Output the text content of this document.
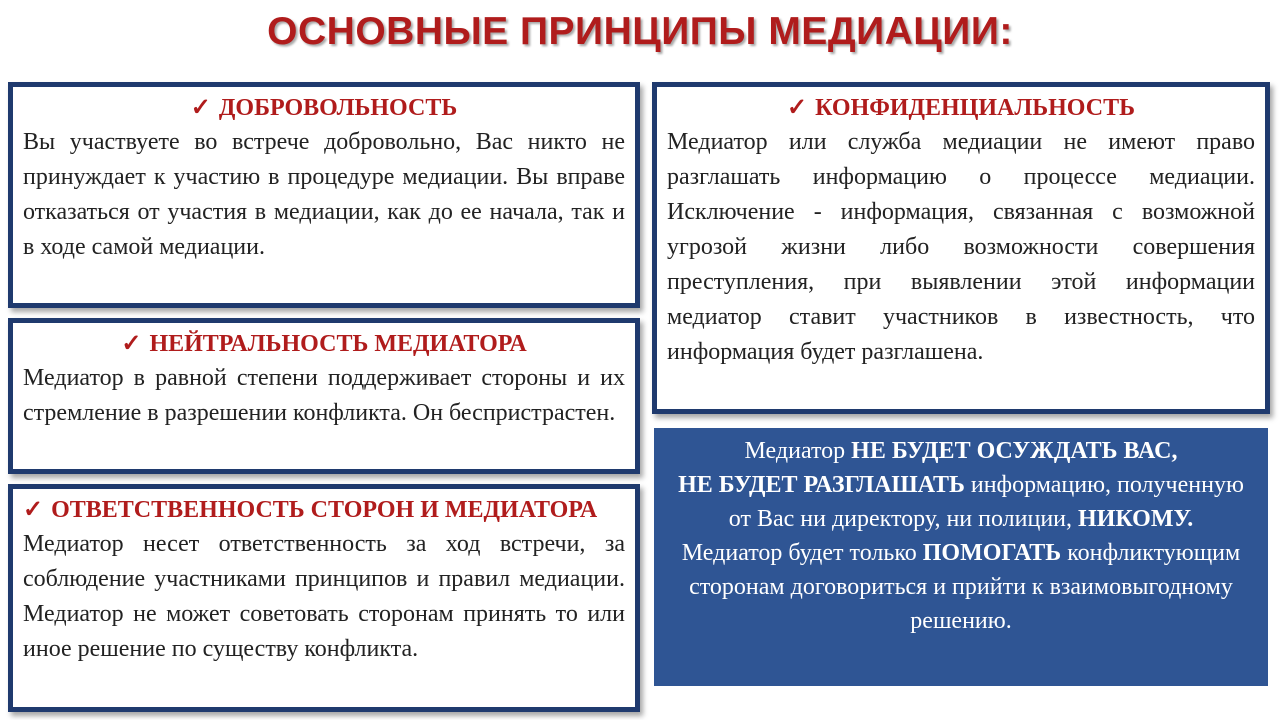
ОСНОВНЫЕ ПРИНЦИПЫ МЕДИАЦИИ:
✓ ДОБРОВОЛЬНОСТЬ
Вы участвуете во встрече добровольно, Вас никто не принуждает к участию в процедуре медиации. Вы вправе отказаться от участия в медиации, как до ее начала, так и в ходе самой медиации.
✓ КОНФИДЕНЦИАЛЬНОСТЬ
Медиатор или служба медиации не имеют право разглашать информацию о процессе медиации. Исключение - информация, связанная с возможной угрозой жизни либо возможности совершения преступления, при выявлении этой информации медиатор ставит участников в известность, что информация будет разглашена.
✓ НЕЙТРАЛЬНОСТЬ МЕДИАТОРА
Медиатор в равной степени поддерживает стороны и их стремление в разрешении конфликта. Он беспристрастен.
✓ ОТВЕТСТВЕННОСТЬ СТОРОН И МЕДИАТОРА
Медиатор несет ответственность за ход встречи, за соблюдение участниками принципов и правил медиации. Медиатор не может советовать сторонам принять то или иное решение по существу конфликта.
Медиатор НЕ БУДЕТ ОСУЖДАТЬ ВАС,
НЕ БУДЕТ РАЗГЛАШАТЬ информацию, полученную от Вас ни директору, ни полиции, НИКОМУ.
Медиатор будет только ПОМОГАТЬ конфликтующим сторонам договориться и прийти к взаимовыгодному решению.
